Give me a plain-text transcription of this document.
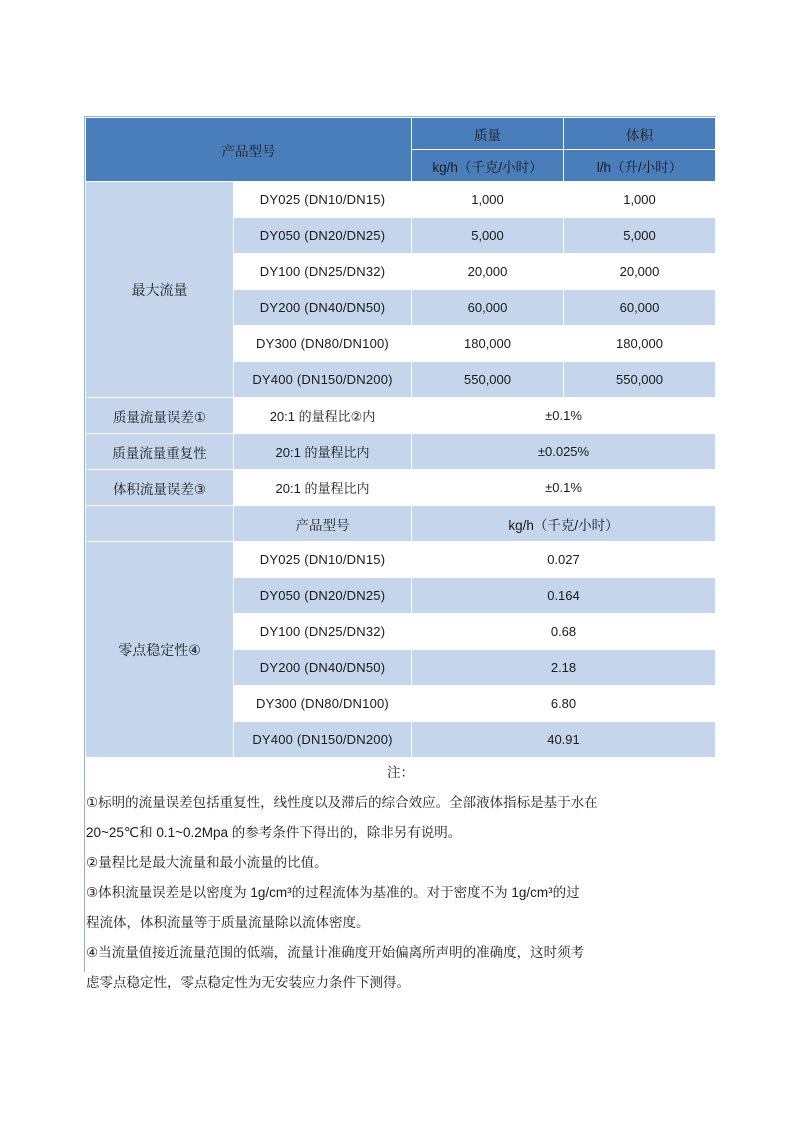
产品型号		质量	体积
		kg/h（千克/小时）	l/h（升/小时）
最大流量	DY025 (DN10/DN15)	1,000	1,000
	DY050 (DN20/DN25)	5,000	5,000
	DY100 (DN25/DN32)	20,000	20,000
	DY200 (DN40/DN50)	60,000	60,000
	DY300 (DN80/DN100)	180,000	180,000
	DY400 (DN150/DN200)	550,000	550,000
质量流量误差①	20:1 的量程比②内	±0.1%	
质量流量重复性	20:1 的量程比内	±0.025%	
体积流量误差③	20:1 的量程比内	±0.1%	
	产品型号	kg/h（千克/小时）	
零点稳定性④	DY025 (DN10/DN15)	0.027	
	DY050 (DN20/DN25)	0.164	
	DY100 (DN25/DN32)	0.68	
	DY200 (DN40/DN50)	2.18	
	DY300 (DN80/DN100)	6.80	
	DY400 (DN150/DN200)	40.91	

注：
①标明的流量误差包括重复性，线性度以及滞后的综合效应。全部液体指标是基于水在
20~25℃和 0.1~0.2Mpa 的参考条件下得出的，除非另有说明。
②量程比是最大流量和最小流量的比值。
③体积流量误差是以密度为 1g/cm³的过程流体为基准的。对于密度不为 1g/cm³的过
程流体，体积流量等于质量流量除以流体密度。
④当流量值接近流量范围的低端，流量计准确度开始偏离所声明的准确度，这时须考
虑零点稳定性，零点稳定性为无安装应力条件下测得。
